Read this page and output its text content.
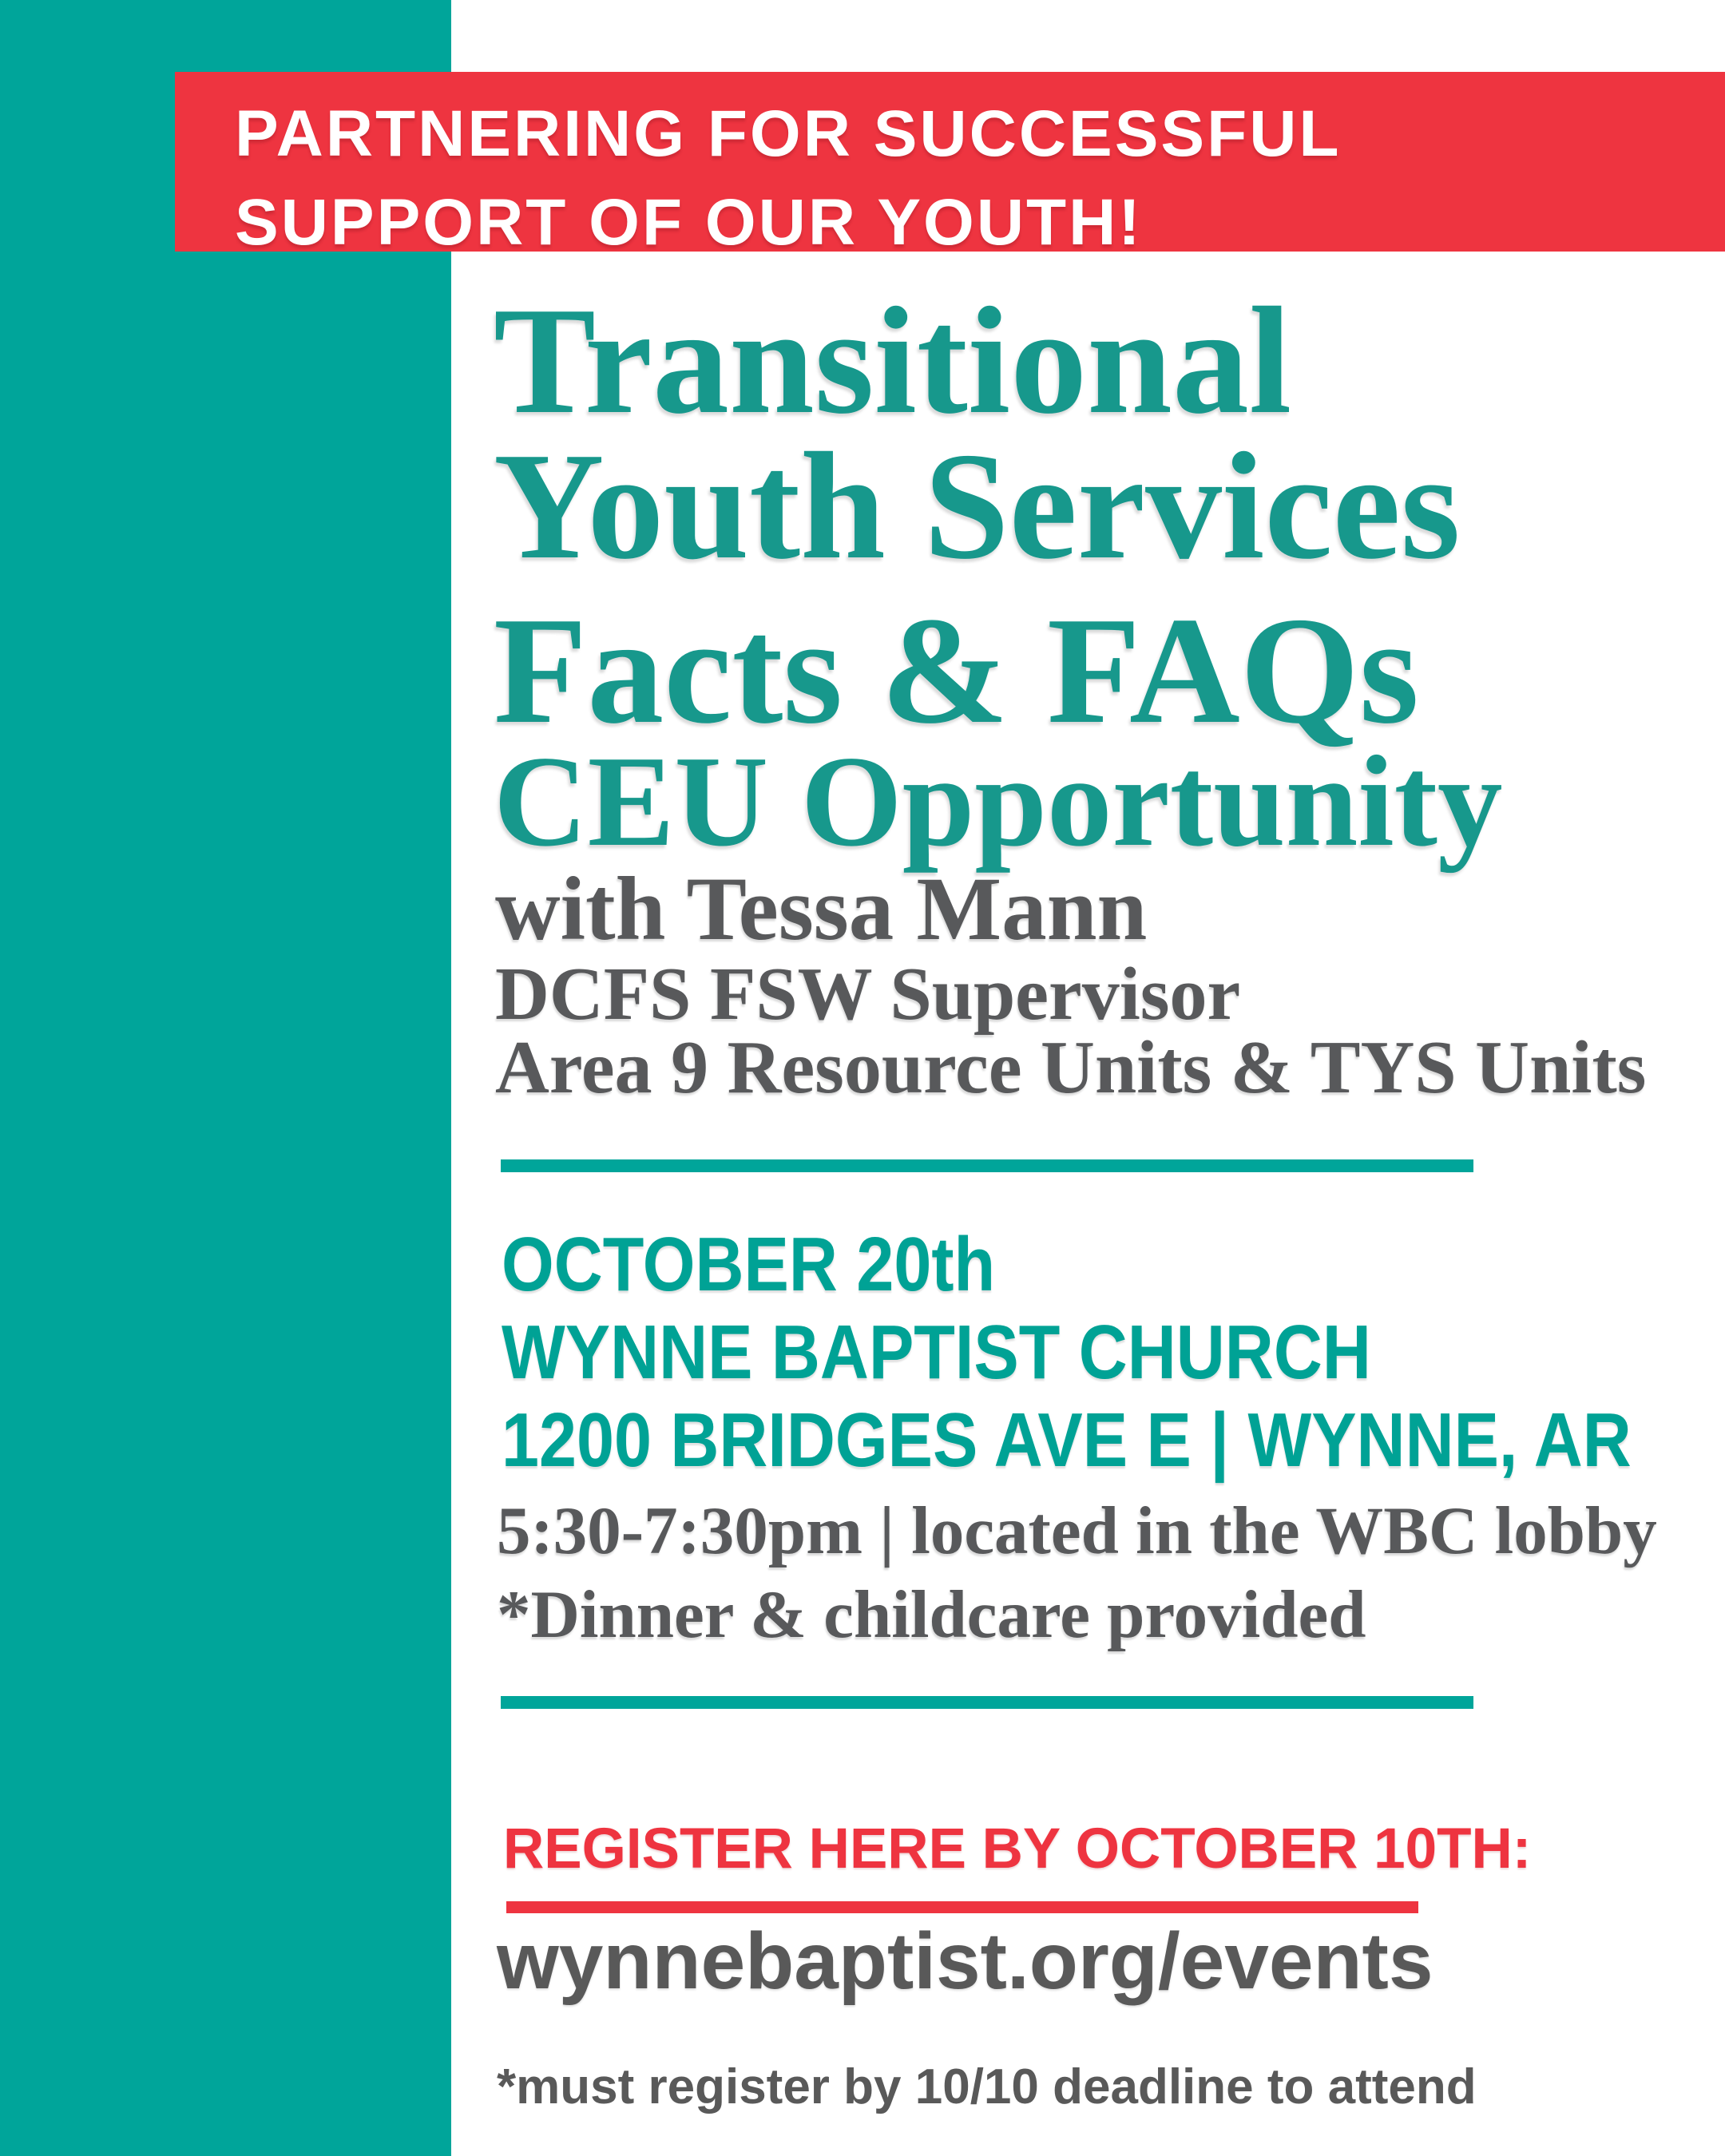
PARTNERING FOR SUCCESSFUL
SUPPORT OF OUR YOUTH!
Transitional
Youth Services
Facts & FAQs
CEU Opportunity
with Tessa Mann
DCFS FSW Supervisor
Area 9 Resource Units & TYS Units
OCTOBER 20th
WYNNE BAPTIST CHURCH
1200 BRIDGES AVE E | WYNNE, AR
5:30-7:30pm | located in the WBC lobby
*Dinner & childcare provided
REGISTER HERE BY OCTOBER 10TH:
wynnebaptist.org/events
*must register by 10/10 deadline to attend
